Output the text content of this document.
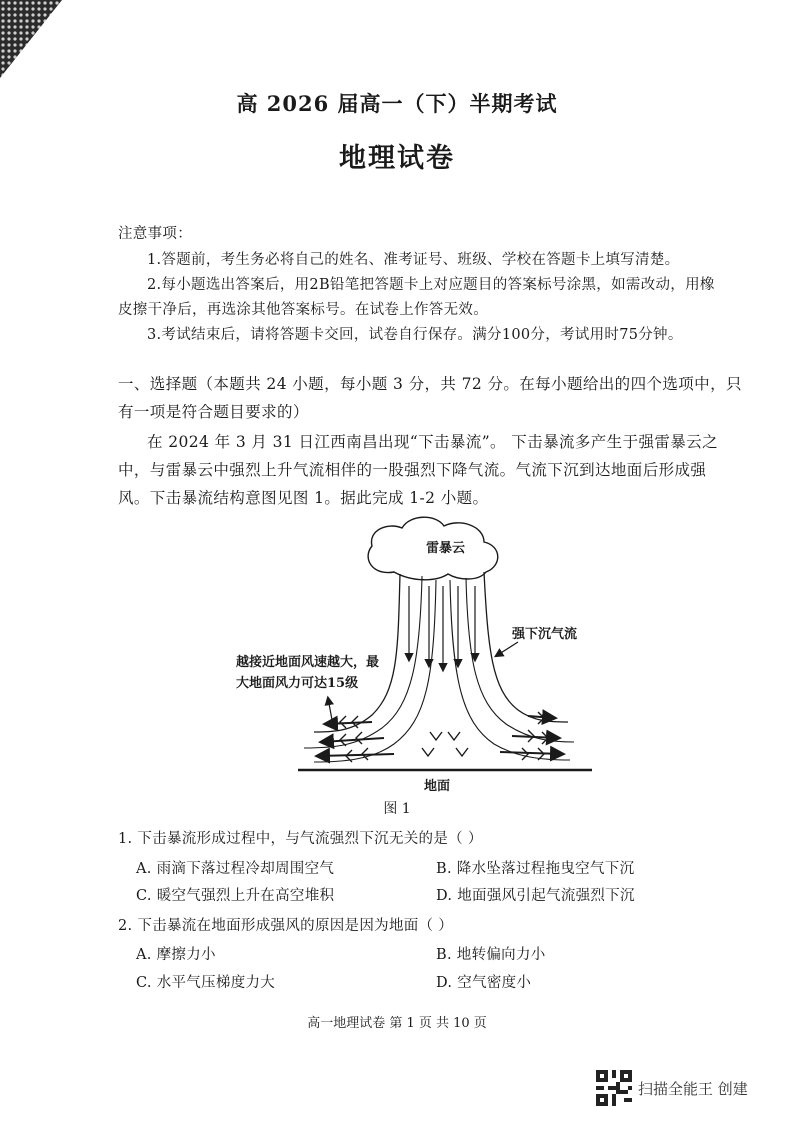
高 2026 届高一（下）半期考试
地理试卷
注意事项：
1.答题前，考生务必将自己的姓名、准考证号、班级、学校在答题卡上填写清楚。
2.每小题选出答案后，用2B铅笔把答题卡上对应题目的答案标号涂黑，如需改动，用橡
皮擦干净后，再选涂其他答案标号。在试卷上作答无效。
3.考试结束后，请将答题卡交回，试卷自行保存。满分100分，考试用时75分钟。
一、选择题（本题共 24 小题，每小题 3 分，共 72 分。在每小题给出的四个选项中，只
有一项是符合题目要求的）
在 2024 年 3 月 31 日江西南昌出现“下击暴流”。 下击暴流多产生于强雷暴云之
中，与雷暴云中强烈上升气流相伴的一股强烈下降气流。气流下沉到达地面后形成强
风。下击暴流结构意图见图 1。据此完成 1-2 小题。
雷暴云
地面
强下沉气流
越接近地面风速越大，最
大地面风力可达15级
图 1
1. 下击暴流形成过程中，与气流强烈下沉无关的是（ ）
A. 雨滴下落过程冷却周围空气	B. 降水坠落过程拖曳空气下沉
C. 暖空气强烈上升在高空堆积	D. 地面强风引起气流强烈下沉
2. 下击暴流在地面形成强风的原因是因为地面（ ）
A. 摩擦力小	B. 地转偏向力小
C. 水平气压梯度力大	D. 空气密度小
高一地理试卷 第 1 页 共 10 页
扫描全能王 创建
